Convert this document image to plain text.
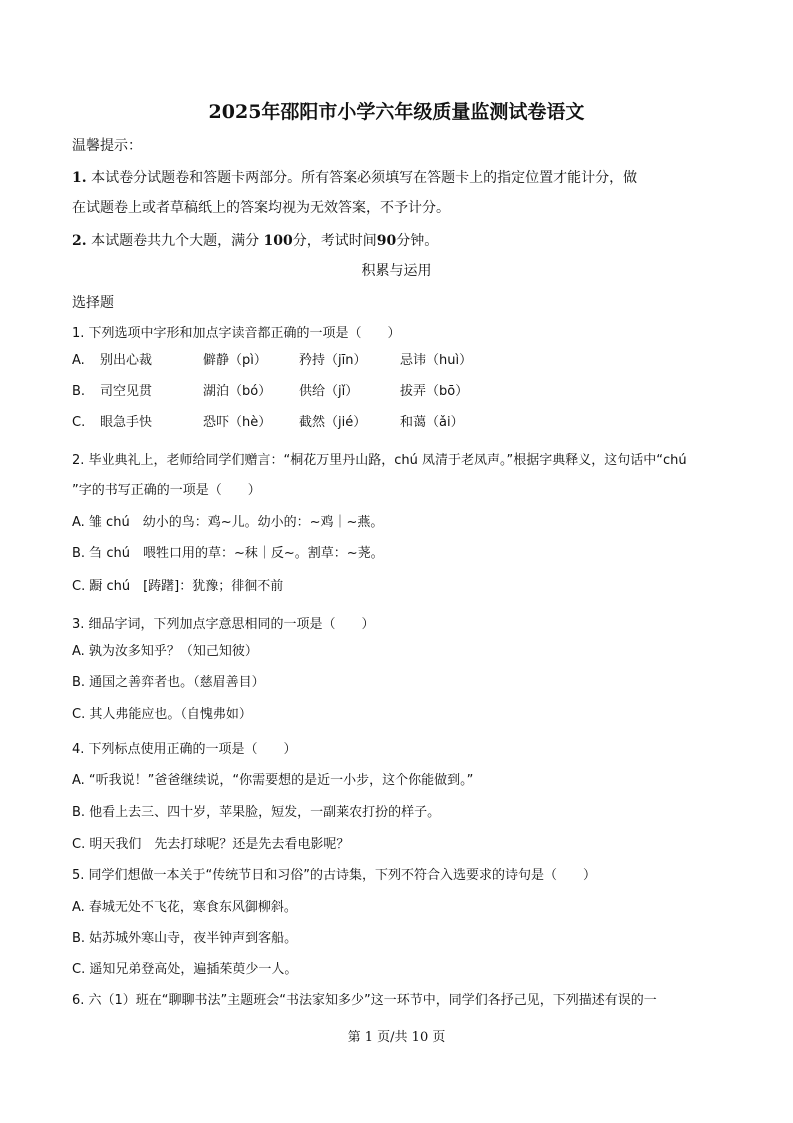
2025年邵阳市小学六年级质量监测试卷语文
温馨提示：
1. 本试卷分试题卷和答题卡两部分。所有答案必须填写在答题卡上的指定位置才能计分，做
在试题卷上或者草稿纸上的答案均视为无效答案，不予计分。
2. 本试题卷共九个大题，满分 100分，考试时间90分钟。
积累与运用
选择题
1. 下列选项中字形和加点字读音都正确的一项是（　　）
A. 别出心裁	僻静（pì） 矜持（jīn）	忌讳（huì）
B. 司空见贯	湖泊（bó） 供给（jǐ）	拔弄（bō）
C. 眼急手快	恐吓（hè） 截然（jié）	和蔼（ǎi）
2. 毕业典礼上，老师给同学们赠言：“桐花万里丹山路，chú 凤清于老凤声。”根据字典释义，这句话中“chú
”字的书写正确的一项是（　　）
A. 雏 chú　幼小的鸟：鸡~儿。幼小的：~鸡｜~燕。
B. 刍 chú　喂牲口用的草：~秣｜反~。割草：~荛。
C. 蹰 chú　[踌躇]：犹豫；徘徊不前
3. 细品字词，下列加点字意思相同的一项是（　　）
A. 孰为汝多知乎？（知己知彼）
B. 通国之善弈者也。（慈眉善目）
C. 其人弗能应也。（自愧弗如）
4. 下列标点使用正确的一项是（　　）
A. “听我说！”爸爸继续说，“你需要想的是近一小步，这个你能做到。”
B. 他看上去三、四十岁，苹果脸，短发，一副莱农打扮的样子。
C. 明天我们　先去打球呢？还是先去看电影呢？
5. 同学们想做一本关于“传统节日和习俗”的古诗集，下列不符合入选要求的诗句是（　　）
A. 春城无处不飞花，寒食东风御柳斜。
B. 姑苏城外寒山寺，夜半钟声到客船。
C. 遥知兄弟登高处，遍插茱萸少一人。
6. 六（1）班在“聊聊书法”主题班会“书法家知多少”这一环节中，同学们各抒己见，下列描述有误的一
第 1 页/共 10 页
